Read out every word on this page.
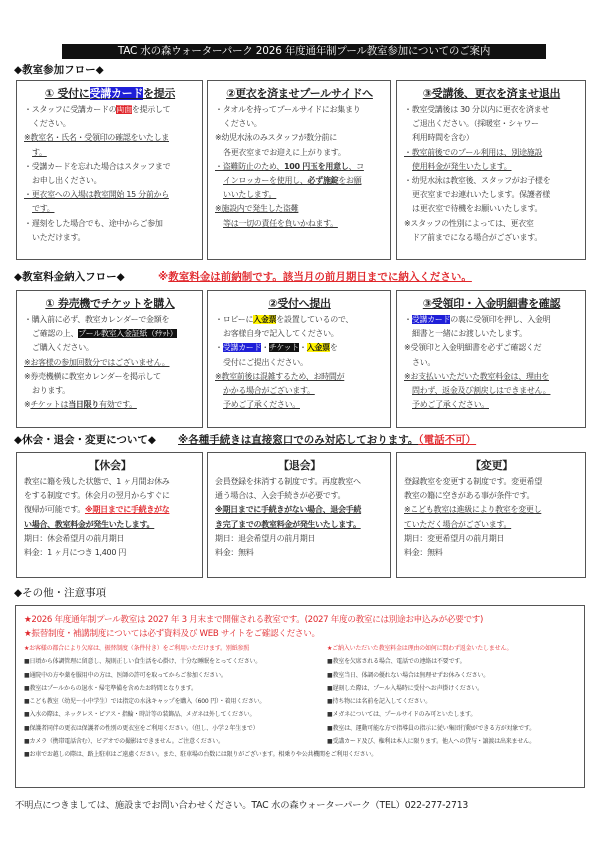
TAC 水の森ウォーターパーク 2026 年度通年制プール教室参加についてのご案内
◆教室参加フロー◆
① 受付に受講カードを提示
・スタッフに受講カードの両面を提示して
ください。
※教室名・氏名・受領印の確認をいたしま
す。
・受講カードを忘れた場合はスタッフまで
お申し出ください。
・更衣室への入場は教室開始 15 分前から
です。
・遅刻をした場合でも、途中からご参加
いただけます。
②更衣を済ませプールサイドへ
・タオルを持ってプールサイドにお集まり
ください。
※幼児水泳のみスタッフが数分前に
各更衣室までお迎えに上がります。
・盗難防止のため、100 円玉を用意し、コ
インロッカーを使用し、必ず施錠をお願
いいたします。
※施設内で発生した盗難
等は一切の責任を負いかねます。
③受講後、更衣を済ませ退出
・教室受講後は 30 分以内に更衣を済ませ
ご退出ください。（採暖室・シャワー
利用時間を含む）
・教室前後でのプール利用は、別途施設
使用料金が発生いたします。
・幼児水泳は教室後、スタッフがお子様を
更衣室までお連れいたします。保護者様
は更衣室で待機をお願いいたします。
※スタッフの性別によっては、更衣室
ドア前までになる場合がございます。
◆教室料金納入フロー◆	※教室料金は前納制です。該当月の前月期日までに納入ください。
① 券売機でチケットを購入
・購入前に必ず、教室カレンダーで金額を
ご確認の上、プール教室入金証紙（ﾁｹｯﾄ）
ご購入ください。
※お客様の参加回数分ではございません。
※券売機横に教室カレンダーを掲示して
おります。
※チケットは当日限り有効です。
②受付へ提出
・ロビーに入金票を設置しているので、
お客様自身で記入してください。
・受講カード・チケット・入金票を
受付にご提出ください。
※教室前後は混雑するため、お時間が
かかる場合がございます。
予めご了承ください。
③受領印・入金明細書を確認
・受講カードの裏に受領印を押し、入金明
細書と一緒にお渡しいたします。
※受領印と入金明細書を必ずご確認くだ
さい。
※お支払いいただいた教室料金は、理由を
問わず、返金及び割戻しはできません。
予めご了承ください。
◆休会・退会・変更について◆ ※各種手続きは直接窓口でのみ対応しております。（電話不可）
【休会】
教室に籍を残した状態で、1 ヶ月間お休み
をする制度です。休会月の翌月からすぐに
復帰が可能です。※期日までに手続きがな
い場合、教室料金が発生いたします。
期日：休会希望月の前月期日
料金：1 ヶ月につき 1,400 円
【退会】
会員登録を抹消する制度です。再度教室へ
通う場合は、入会手続きが必要です。
※期日までに手続きがない場合、退会手続
き完了までの教室料金が発生いたします。
期日：退会希望月の前月期日
料金：無料
【変更】
登録教室を変更する制度です。変更希望
教室の籍に空きがある事が条件です。
※こども教室は進級により教室を変更し
ていただく場合がございます。
期日：変更希望月の前月期日
料金：無料
◆その他・注意事項
★2026 年度通年制プール教室は 2027 年 3 月末まで開催される教室です。(2027 年度の教室には別途お申込みが必要です)
★振替制度・補講制度については必ず資料及び WEB サイトをご確認ください。
★お客様の都合により欠席は、振替制度（条件付き）をご利用いただけます。別紙参照
■日頃から体調管理に留意し、規則正しい食生活を心掛け、十分な睡眠をとってください。
■通院中の方や薬を服用中の方は、医師の許可を取ってからご参加ください。
■教室はプールからの退水・帰宅準備を含めたお時間となります。
■こども教室（幼児～小中学生）では指定の水泳キャップを購入（600 円）・着用ください。
■入水の際は、ネックレス・ピアス・指輪・時計等の装飾品、メガネは外してください。
■保護者同伴の更衣は保護者の性別の更衣室をご利用ください。（但し、小学２年生まで）
■カメラ（携帯電話含む）、ビデオでの撮影はできません。ご注意ください。
■お車でお越しの際は、路上駐車はご遠慮ください。また、駐車場の台数には限りがございます。相乗りや公共機関をご利用ください。
★ご納入いただいた教室料金は理由の如何に問わず返金いたしません。
■教室を欠席される場合、電話での連絡は不要です。
■教室当日、体調の優れない場合は無理せずお休みください。
■遅刻した際は、プール入場時に受付へお声掛けください。
■持ち物には名前を記入してください。
■メガネについては、プールサイドのみ可といたします。
■教室は、運動可能な方で指導員の指示に従い集団行動ができる方が対象です。
■受講カード及び、権利は本人に限ります。他人への貸与・譲渡は出来ません。
不明点につきましては、施設までお問い合わせください。TAC 水の森ウォーターパーク（TEL）022-277-2713
